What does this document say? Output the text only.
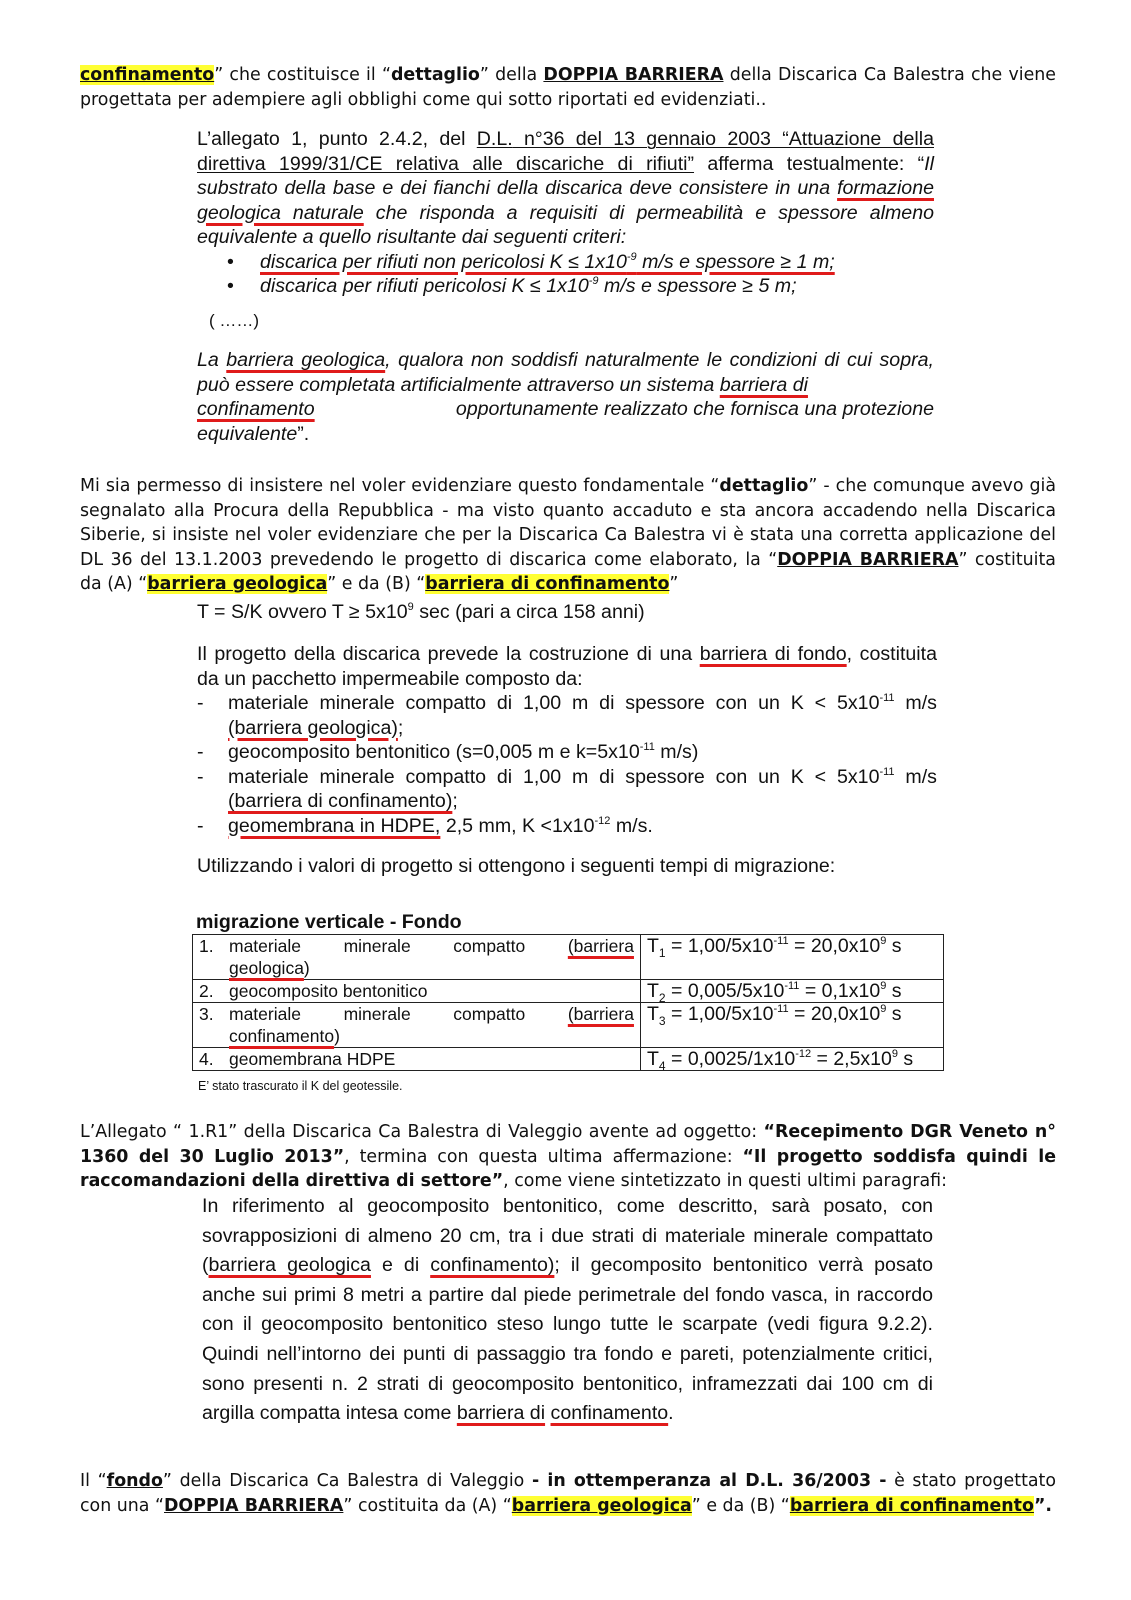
confinamento” che costituisce il “dettaglio” della DOPPIA BARRIERA della Discarica Ca Balestra che viene progettata per adempiere agli obblighi come qui sotto riportati ed evidenziati..
L’allegato 1, punto 2.4.2, del D.L. n°36 del 13 gennaio 2003 “Attuazione della direttiva 1999/31/CE relativa alle discariche di rifiuti” afferma testualmente: “Il substrato della base e dei fianchi della discarica deve consistere in una formazione geologica naturale che risponda a requisiti di permeabilità e spessore almeno equivalente a quello risultante dai seguenti criteri:
• discarica per rifiuti non pericolosi $K \le 1x10^{-9}$ m/s e spessore ≥ 1 m;
• discarica per rifiuti pericolosi $K \le 1x10^{-9}$ m/s e spessore ≥ 5 m;
( ……)
La barriera geologica, qualora non soddisfi naturalmente le condizioni di cui sopra, può essere completata artificialmente attraverso un sistema barriera di
confinamento	opportunamente realizzato che fornisca una protezione
equivalente”.
Mi sia permesso di insistere nel voler evidenziare questo fondamentale “dettaglio” - che comunque avevo già segnalato alla Procura della Repubblica - ma visto quanto accaduto e sta ancora accadendo nella Discarica Siberie, si insiste nel voler evidenziare che per la Discarica Ca Balestra vi è stata una corretta applicazione del DL 36 del 13.1.2003 prevedendo le progetto di discarica come elaborato, la “DOPPIA BARRIERA” costituita da (A) “barriera geologica” e da (B) “barriera di confinamento”
T = S/K ovvero $T \ge 5x10^9$ sec (pari a circa 158 anni)
Il progetto della discarica prevede la costruzione di una barriera di fondo, costituita da un pacchetto impermeabile composto da:
- materiale minerale compatto di 1,00 m di spessore con un $K < 5x10^{-11}$ m/s (barriera geologica);
- geocomposito bentonitico (s=0,005 m e $k=5x10^{-11}$ m/s)
- materiale minerale compatto di 1,00 m di spessore con un $K < 5x10^{-11}$ m/s (barriera di confinamento);
- geomembrana in HDPE, 2,5 mm, $K <1x10^{-12}$ m/s.
Utilizzando i valori di progetto si ottengono i seguenti tempi di migrazione:
migrazione verticale - Fondo
1. materiale minerale compatto (barriera
geologica)	$T_1 = 1,00/5x10^{-11} = 20,0x10^9$ s
2. geocomposito bentonitico	$T_2 = 0,005/5x10^{-11} = 0,1x10^9$ s

3. materiale minerale compatto (barriera
confinamento)	$T_3 = 1,00/5x10^{-11} = 20,0x10^9$ s
4. geomembrana HDPE	$T_4 = 0,0025/1x10^{-12} = 2,5x10^9$ s
E’ stato trascurato il K del geotessile.
L’Allegato “ 1.R1” della Discarica Ca Balestra di Valeggio avente ad oggetto: “Recepimento DGR Veneto n° 1360 del 30 Luglio 2013”, termina con questa ultima affermazione: “Il progetto soddisfa quindi le raccomandazioni della direttiva di settore”, come viene sintetizzato in questi ultimi paragrafi:
In riferimento al geocomposito bentonitico, come descritto, sarà posato, con sovrapposizioni di almeno 20 cm, tra i due strati di materiale minerale compattato (barriera geologica e di confinamento); il gecomposito bentonitico verrà posato anche sui primi 8 metri a partire dal piede perimetrale del fondo vasca, in raccordo con il geocomposito bentonitico steso lungo tutte le scarpate (vedi figura 9.2.2). Quindi nell’intorno dei punti di passaggio tra fondo e pareti, potenzialmente critici, sono presenti n. 2 strati di geocomposito bentonitico, inframezzati dai 100 cm di argilla compatta intesa come barriera di confinamento.
Il “fondo” della Discarica Ca Balestra di Valeggio - in ottemperanza al D.L. 36/2003 - è stato progettato con una “DOPPIA BARRIERA” costituita da (A) “barriera geologica” e da (B) “barriera di confinamento”.
